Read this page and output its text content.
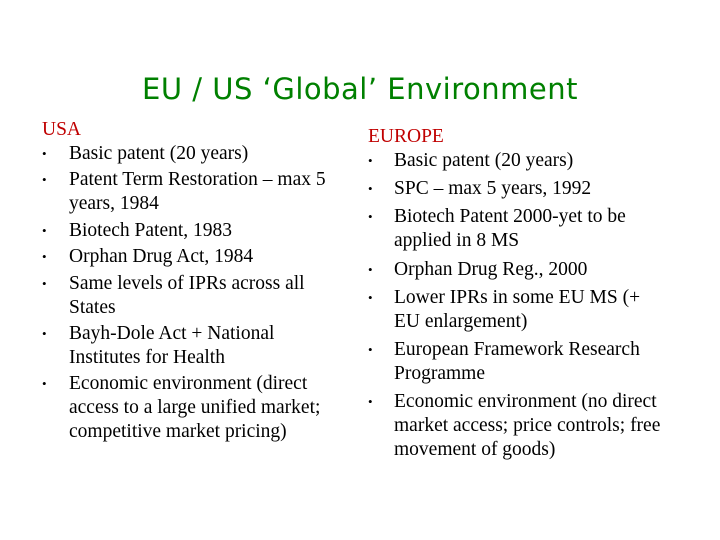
EU / US ‘Global’ Environment
USA
• Basic patent (20 years)
• Patent Term Restoration – max 5 years, 1984
• Biotech Patent, 1983
• Orphan Drug Act, 1984
• Same levels of IPRs across all States
• Bayh-Dole Act + National Institutes for Health
• Economic environment (direct access to a large unified market; competitive market pricing)
EUROPE
• Basic patent (20 years)
• SPC – max 5 years, 1992
• Biotech Patent 2000-yet to be applied in 8 MS
• Orphan Drug Reg., 2000
• Lower IPRs in some EU MS (+ EU enlargement)
• European Framework Research Programme
• Economic environment (no direct market access; price controls; free movement of goods)
